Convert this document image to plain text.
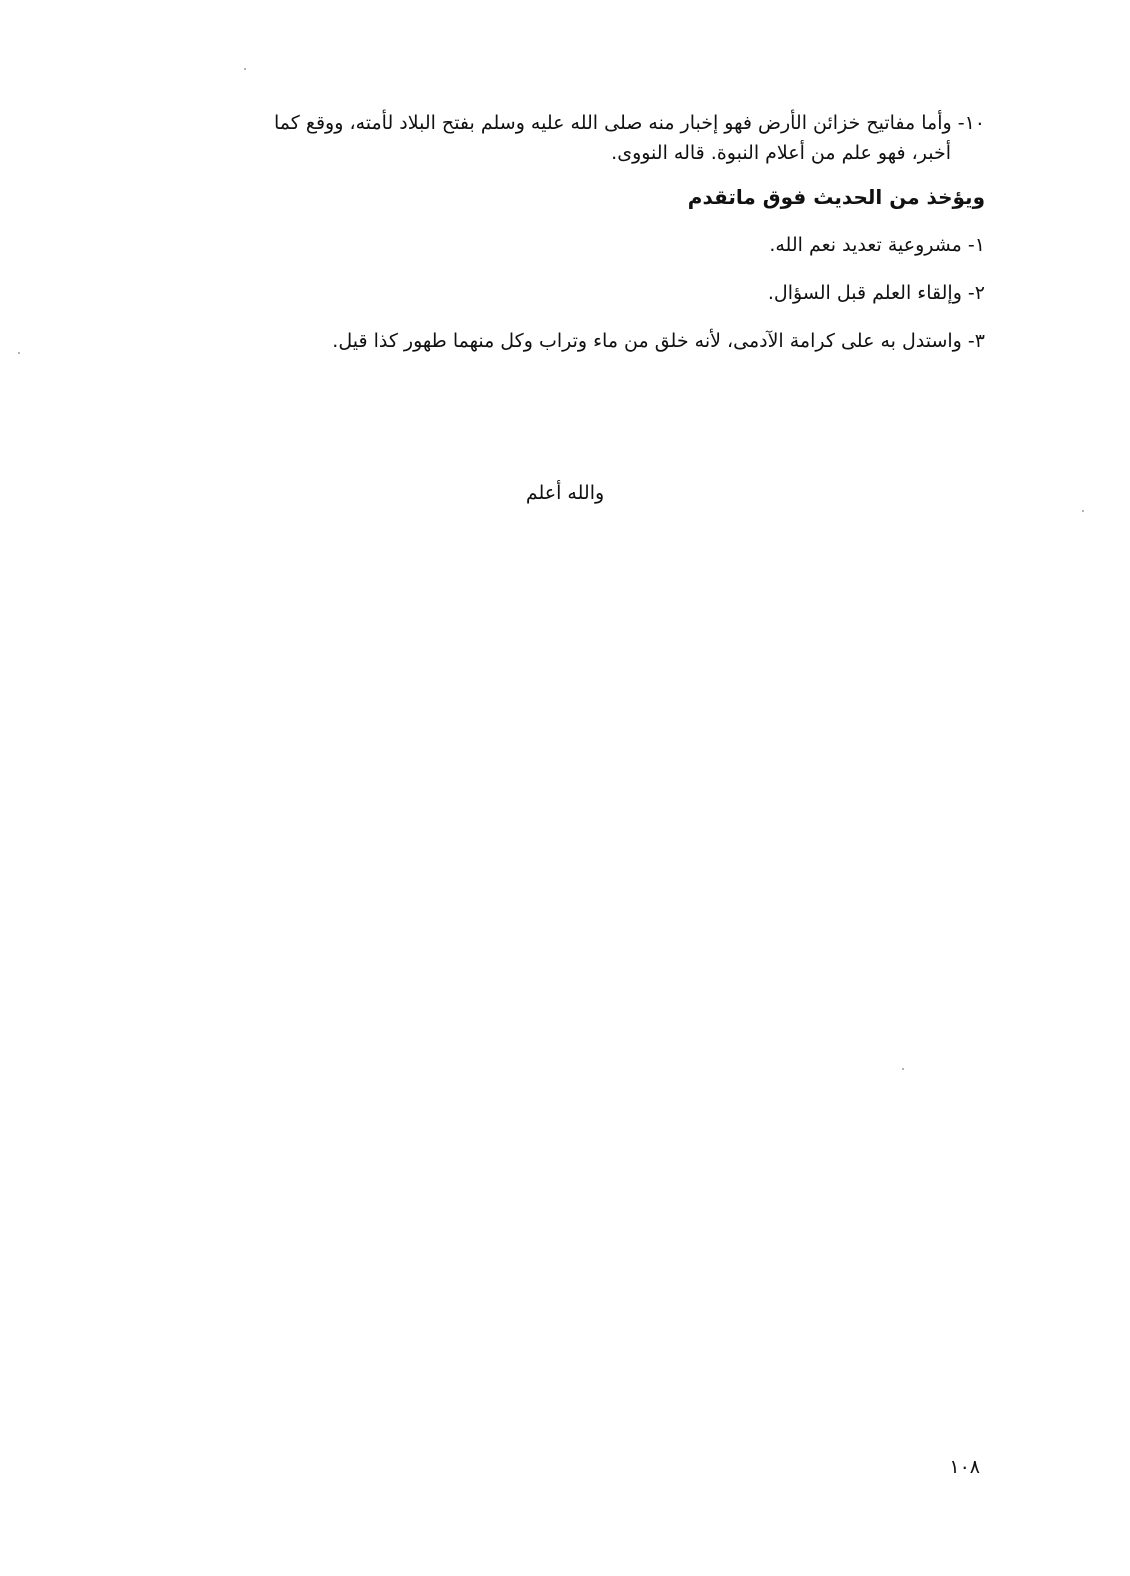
١٠- وأما مفاتيح خزائن الأرض فهو إخبار منه صلى الله عليه وسلم بفتح البلاد لأمته، ووقع كما
أخبر، فهو علم من أعلام النبوة. قاله النووى.
ويؤخذ من الحديث فوق ماتقدم
١- مشروعية تعديد نعم الله.
٢- وإلقاء العلم قبل السؤال.
٣- واستدل به على كرامة الآدمى، لأنه خلق من ماء وتراب وكل منهما طهور كذا قيل.
والله أعلم
١٠٨
